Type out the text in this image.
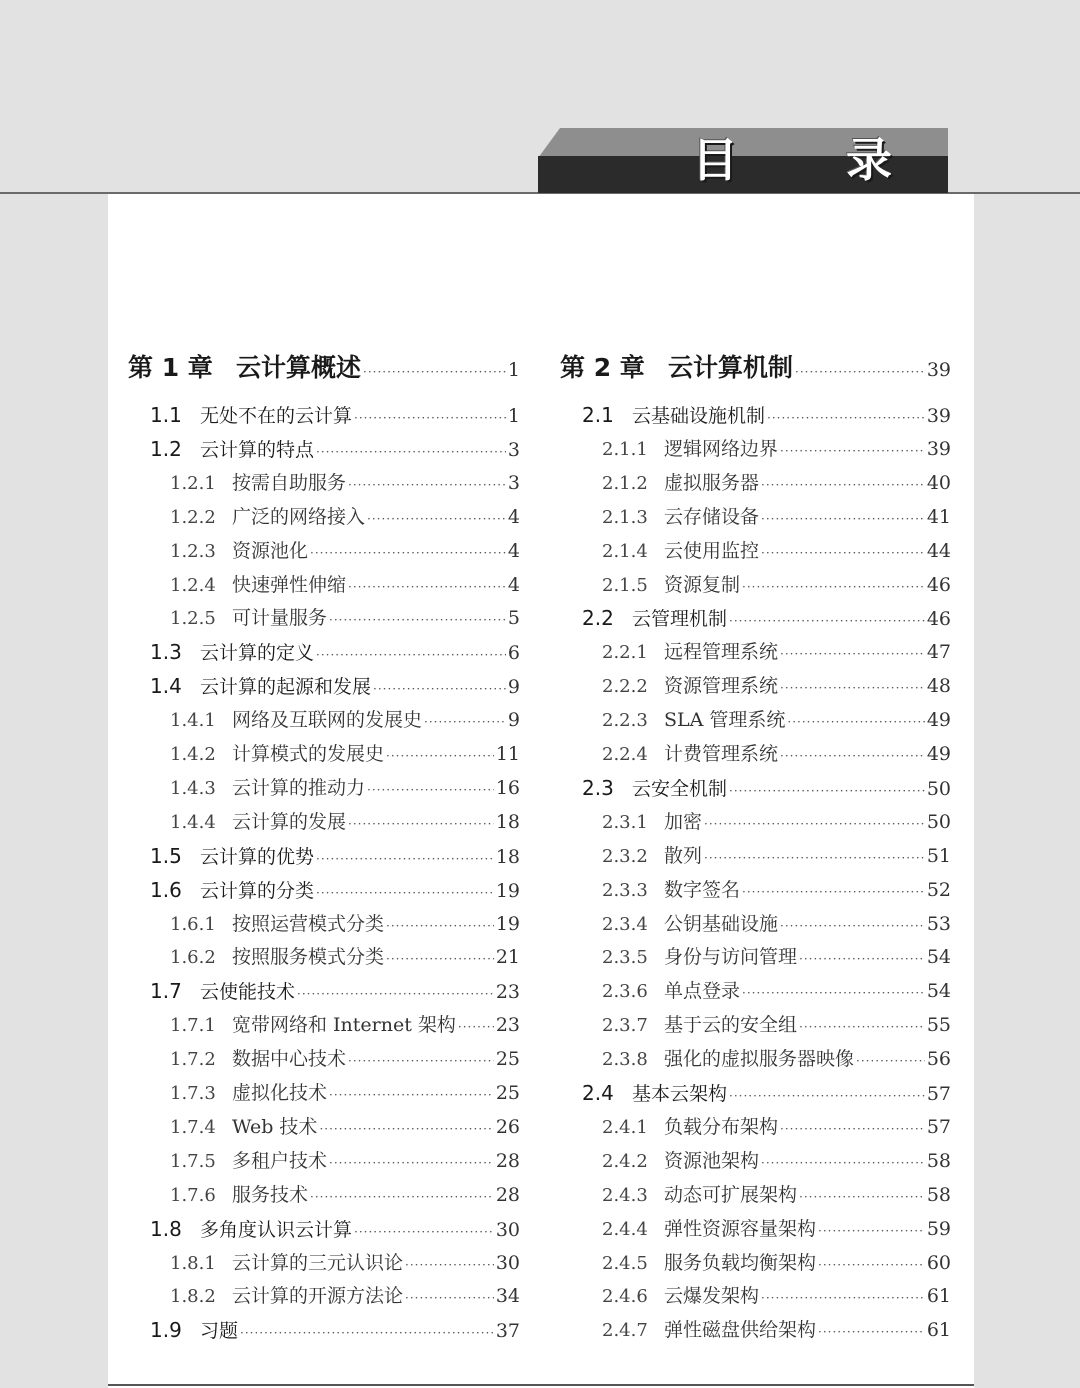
目 录
第 1 章 云计算概述 ·····	1
1.1 无处不在的云计算 ·····	1
1.2 云计算的特点 ·····	3
1.2.1 按需自助服务 ·····	3
1.2.2 广泛的网络接入 ·····	4
1.2.3 资源池化 ·····	4
1.2.4 快速弹性伸缩 ·····	4
1.2.5 可计量服务 ·····	5
1.3 云计算的定义 ·····	6
1.4 云计算的起源和发展 ·····	9
1.4.1 网络及互联网的发展史 ·····	9
1.4.2 计算模式的发展史 ·····	11
1.4.3 云计算的推动力 ·····	16
1.4.4 云计算的发展 ·····	18
1.5 云计算的优势 ·····	18
1.6 云计算的分类 ·····	19
1.6.1 按照运营模式分类 ·····	19
1.6.2 按照服务模式分类 ·····	21
1.7 云使能技术 ·····	23
1.7.1 宽带网络和 Internet 架构 ····· 23
1.7.2 数据中心技术 ·····	25
1.7.3 虚拟化技术 ·····	25
1.7.4 Web 技术 ·····	26
1.7.5 多租户技术 ·····	28
1.7.6 服务技术 ·····	28
1.8 多角度认识云计算 ·····	30
1.8.1 云计算的三元认识论 ·····	30
1.8.2 云计算的开源方法论 ·····	34
1.9 习题 ·····	37
第 2 章 云计算机制 ·····	39
2.1 云基础设施机制 ·····	39
2.1.1 逻辑网络边界 ·····	39
2.1.2 虚拟服务器 ·····	40
2.1.3 云存储设备 ·····	41
2.1.4 云使用监控 ·····	44
2.1.5 资源复制 ·····	46
2.2 云管理机制 ·····	46
2.2.1 远程管理系统 ·····	47
2.2.2 资源管理系统 ·····	48
2.2.3 SLA 管理系统 ·····	49
2.2.4 计费管理系统 ·····	49
2.3 云安全机制 ·····	50
2.3.1 加密 ·····	50
2.3.2 散列 ·····	51
2.3.3 数字签名 ·····	52
2.3.4 公钥基础设施 ·····	53
2.3.5 身份与访问管理 ·····	54
2.3.6 单点登录 ·····	54
2.3.7 基于云的安全组 ·····	55
2.3.8 强化的虚拟服务器映像 ·····	56
2.4 基本云架构 ·····	57
2.4.1 负载分布架构 ·····	57
2.4.2 资源池架构 ·····	58
2.4.3 动态可扩展架构 ·····	58
2.4.4 弹性资源容量架构 ·····	59
2.4.5 服务负载均衡架构 ·····	60
2.4.6 云爆发架构 ·····	61
2.4.7 弹性磁盘供给架构 ·····	61
